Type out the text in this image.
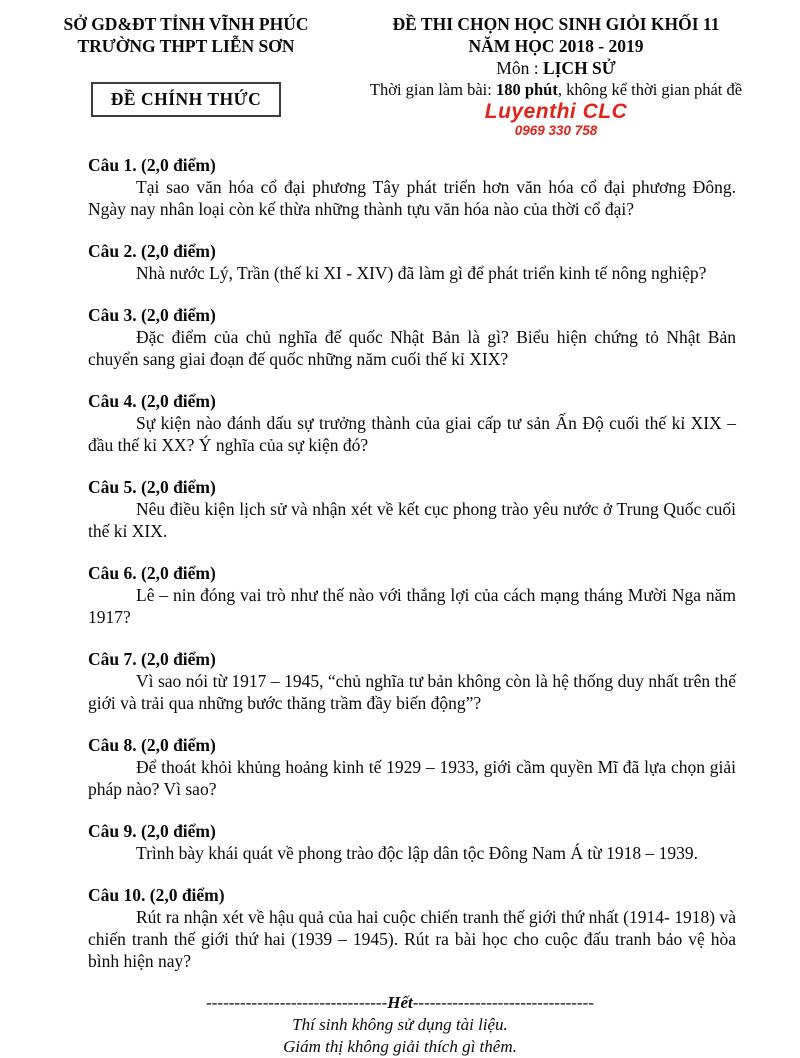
SỞ GD&ĐT TỈNH VĨNH PHÚC
TRƯỜNG THPT LIỄN SƠN
ĐỀ CHÍNH THỨC
ĐỀ THI CHỌN HỌC SINH GIỎI KHỐI 11
NĂM HỌC 2018 - 2019
Môn : LỊCH SỬ
Thời gian làm bài: 180 phút, không kể thời gian phát đề
Luyenthi CLC
0969 330 758
Câu 1. (2,0 điểm)

Tại sao văn hóa cổ đại phương Tây phát triển hơn văn hóa cổ đại phương Đông. Ngày nay nhân loại còn kế thừa những thành tựu văn hóa nào của thời cổ đại?

Câu 2. (2,0 điểm)

Nhà nước Lý, Trần (thế kỉ XI - XIV) đã làm gì để phát triển kinh tế nông nghiệp?

Câu 3. (2,0 điểm)

Đặc điểm của chủ nghĩa đế quốc Nhật Bản là gì? Biểu hiện chứng tỏ Nhật Bản chuyển sang giai đoạn đế quốc những năm cuối thế kỉ XIX?

Câu 4. (2,0 điểm)

Sự kiện nào đánh dấu sự trưởng thành của giai cấp tư sản Ấn Độ cuối thế kỉ XIX – đầu thế kỉ XX? Ý nghĩa của sự kiện đó?

Câu 5. (2,0 điểm)

Nêu điều kiện lịch sử và nhận xét về kết cục phong trào yêu nước ở Trung Quốc cuối thế kỉ XIX.

Câu 6. (2,0 điểm)

Lê – nin đóng vai trò như thế nào với thắng lợi của cách mạng tháng Mười Nga năm 1917?

Câu 7. (2,0 điểm)

Vì sao nói từ 1917 – 1945, “chủ nghĩa tư bản không còn là hệ thống duy nhất trên thế giới và trải qua những bước thăng trầm đầy biến động”?

Câu 8. (2,0 điểm)

Để thoát khỏi khủng hoảng kinh tế 1929 – 1933, giới cầm quyền Mĩ đã lựa chọn giải pháp nào? Vì sao?

Câu 9. (2,0 điểm)

Trình bày khái quát về phong trào độc lập dân tộc Đông Nam Á từ 1918 – 1939.

Câu 10. (2,0 điểm)

Rút ra nhận xét về hậu quả của hai cuộc chiến tranh thế giới thứ nhất (1914- 1918) và chiến tranh thế giới thứ hai (1939 – 1945). Rút ra bài học cho cuộc đấu tranh bảo vệ hòa bình hiện nay?

--------------------------------Hết--------------------------------
Thí sinh không sử dụng tài liệu.
Giám thị không giải thích gì thêm.
